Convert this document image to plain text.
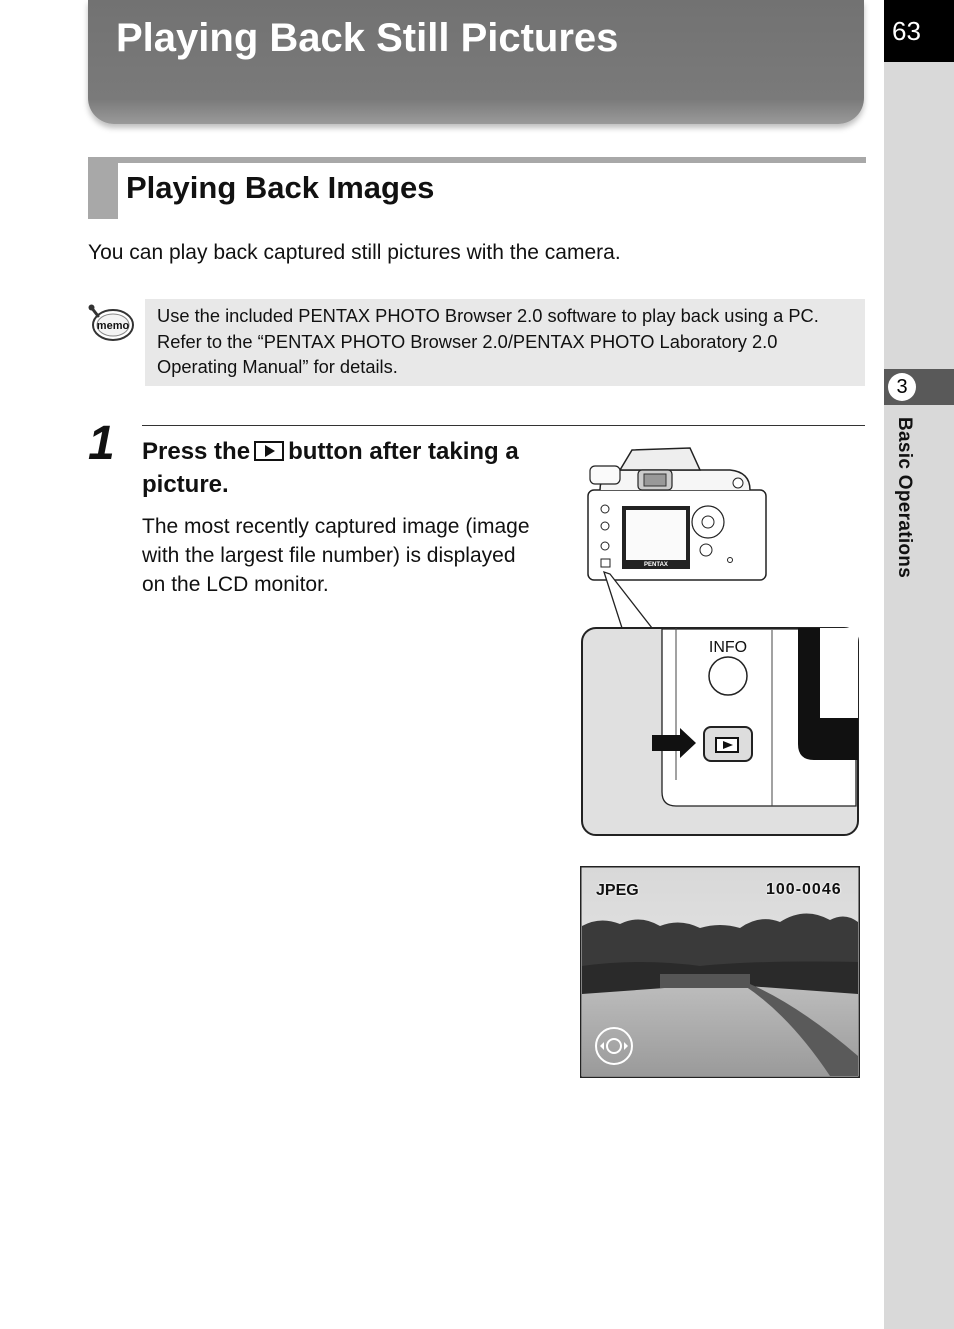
63
3
Basic Operations
Playing Back Still Pictures
Playing Back Images

You can play back captured still pictures with the camera.

memo	Use the included PENTAX PHOTO Browser 2.0 software to play back using a PC. Refer to the “PENTAX PHOTO Browser 2.0/PENTAX PHOTO Laboratory 2.0 Operating Manual” for details.
1 Press the button after taking a picture.

The most recently captured image (image with the largest file number) is displayed on the LCD monitor.

PENTAX
INFO
JPEG	100-0046
